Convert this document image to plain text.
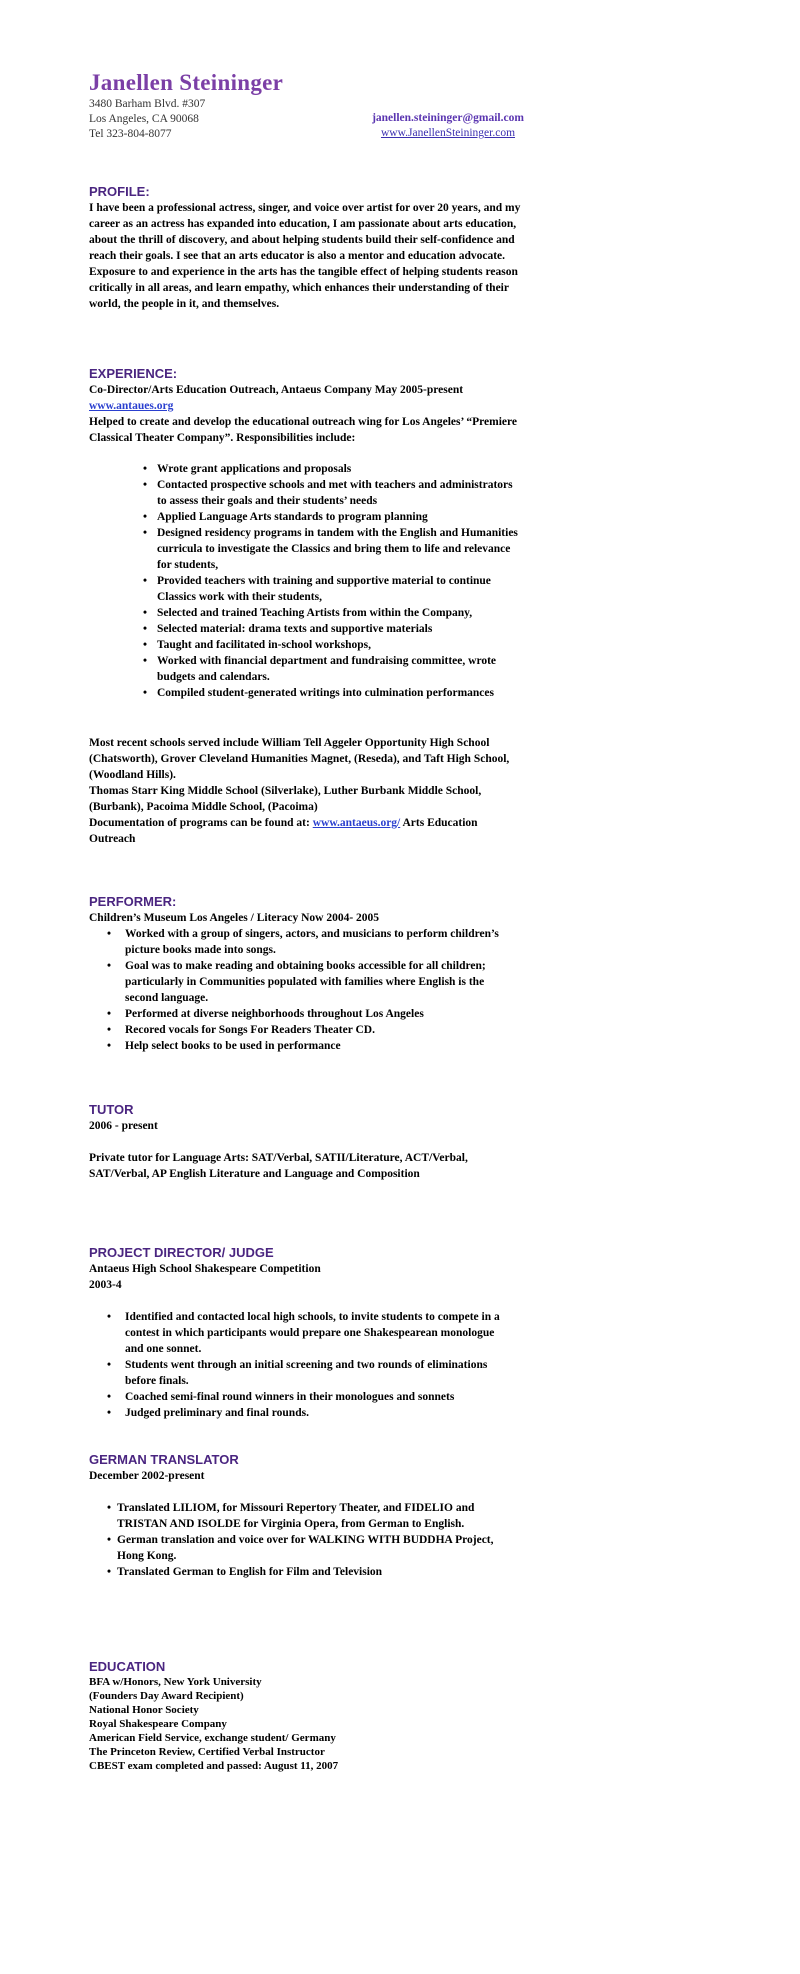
Janellen Steininger
3480 Barham Blvd. #307
Los Angeles, CA 90068
Tel 323-804-8077
janellen.steininger@gmail.com
www.JanellenSteininger.com
PROFILE:

I have been a professional actress, singer, and voice over artist for over 20 years, and my career as an actress has expanded into education, I am passionate about arts education, about the thrill of discovery, and about helping students build their self-confidence and reach their goals. I see that an arts educator is also a mentor and education advocate. Exposure to and experience in the arts has the tangible effect of helping students reason critically in all areas, and learn empathy, which enhances their understanding of their world, the people in it, and themselves.

EXPERIENCE:

Co-Director/Arts Education Outreach, Antaeus Company May 2005-present

www.antaues.org

Helped to create and develop the educational outreach wing for Los Angeles’ “Premiere Classical Theater Company”. Responsibilities include:

• Wrote grant applications and proposals
• Contacted prospective schools and met with teachers and administrators to assess their goals and their students’ needs
• Applied Language Arts standards to program planning
• Designed residency programs in tandem with the English and Humanities curricula to investigate the Classics and bring them to life and relevance for students,
• Provided teachers with training and supportive material to continue Classics work with their students,
• Selected and trained Teaching Artists from within the Company,
• Selected material: drama texts and supportive materials
• Taught and facilitated in-school workshops,
• Worked with financial department and fundraising committee, wrote budgets and calendars.
• Compiled student-generated writings into culmination performances

Most recent schools served include William Tell Aggeler Opportunity High School (Chatsworth), Grover Cleveland Humanities Magnet, (Reseda), and Taft High School, (Woodland Hills).

Thomas Starr King Middle School (Silverlake), Luther Burbank Middle School, (Burbank), Pacoima Middle School, (Pacoima)

Documentation of programs can be found at: www.antaeus.org/ Arts Education Outreach

PERFORMER:

Children’s Museum Los Angeles / Literacy Now 2004- 2005

• Worked with a group of singers, actors, and musicians to perform children’s picture books made into songs.
• Goal was to make reading and obtaining books accessible for all children; particularly in Communities populated with families where English is the second language.
• Performed at diverse neighborhoods throughout Los Angeles
• Recored vocals for Songs For Readers Theater CD.
• Help select books to be used in performance
TUTOR

2006 - present

Private tutor for Language Arts: SAT/Verbal, SATII/Literature, ACT/Verbal, SAT/Verbal, AP English Literature and Language and Composition

PROJECT DIRECTOR/ JUDGE

Antaeus High School Shakespeare Competition

2003-4

• Identified and contacted local high schools, to invite students to compete in a contest in which participants would prepare one Shakespearean monologue and one sonnet.
• Students went through an initial screening and two rounds of eliminations before finals.
• Coached semi-final round winners in their monologues and sonnets
• Judged preliminary and final rounds.
GERMAN TRANSLATOR

December 2002-present

• Translated LILIOM, for Missouri Repertory Theater, and FIDELIO and TRISTAN AND ISOLDE for Virginia Opera, from German to English.
• German translation and voice over for WALKING WITH BUDDHA Project, Hong Kong.
• Translated German to English for Film and Television
EDUCATION

BFA w/Honors, New York University

(Founders Day Award Recipient)

National Honor Society

Royal Shakespeare Company

American Field Service, exchange student/ Germany

The Princeton Review, Certified Verbal Instructor

CBEST exam completed and passed: August 11, 2007
